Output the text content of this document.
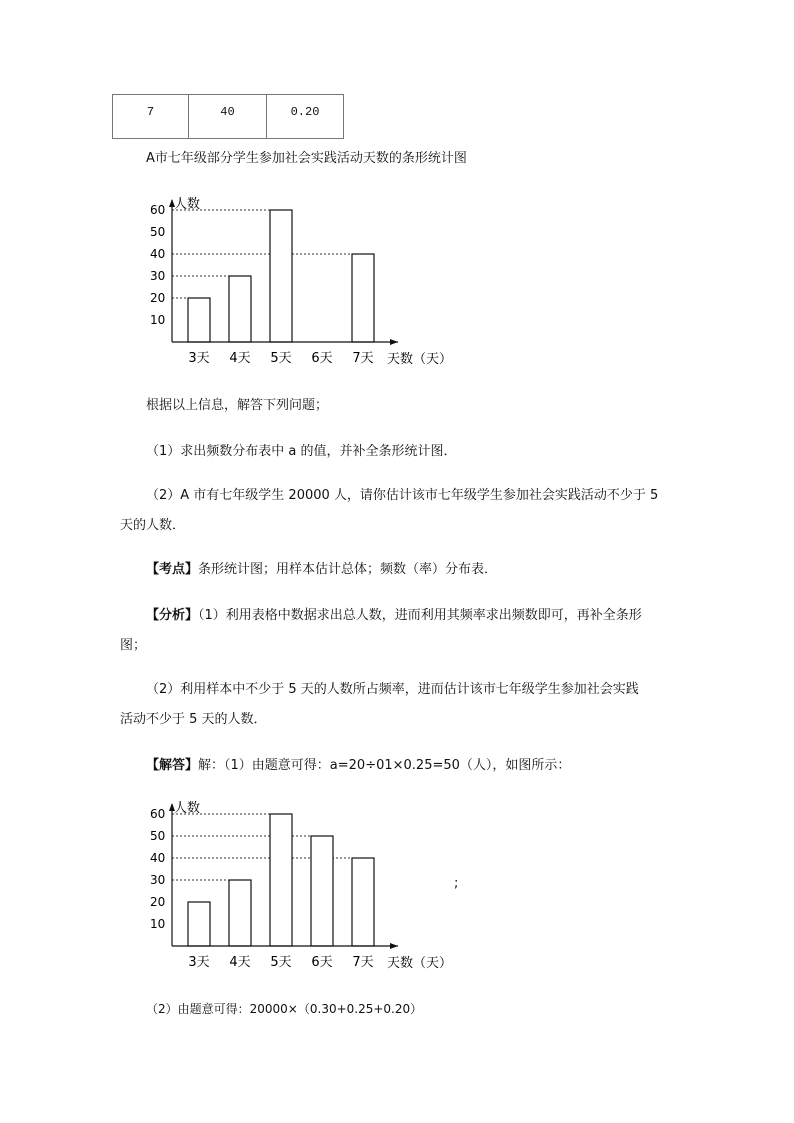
7	40	0.20
A市七年级部分学生参加社会实践活动天数的条形统计图
10
20
30
40
50
60 人数
3天 4天 5天 6天 7天 天数（天）
根据以上信息，解答下列问题；
（1）求出频数分布表中 a 的值，并补全条形统计图．
（2）A 市有七年级学生 20000 人，请你估计该市七年级学生参加社会实践活动不少于 5
天的人数．
【考点】条形统计图；用样本估计总体；频数（率）分布表．
【分析】（1）利用表格中数据求出总人数，进而利用其频率求出频数即可，再补全条形
图；
（2）利用样本中不少于 5 天的人数所占频率，进而估计该市七年级学生参加社会实践
活动不少于 5 天的人数．
【解答】解：（1）由题意可得：a=20÷01×0.25=50（人），如图所示：
10
20
30
40
50
60 人数
3天 4天 5天 6天 7天 天数（天）
;
（2）由题意可得：20000×（0.30+0.25+0.20）
